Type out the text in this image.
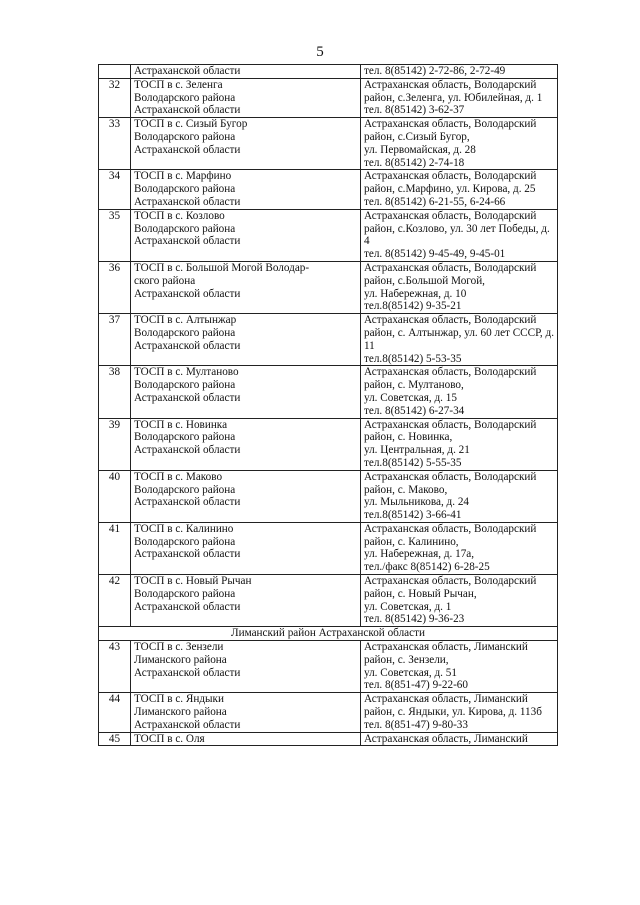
5
	Астраханской области	тел. 8(85142) 2-72-86, 2-72-49
32	ТОСП в с. Зеленга
Володарского района
Астраханской области	Астраханская область, Володарский район, с.Зеленга, ул. Юбилейная, д. 1
тел. 8(85142) 3-62-37
33	ТОСП в с. Сизый Бугор
Володарского района
Астраханской области	Астраханская область, Володарский район, с.Сизый Бугор,
ул. Первомайская, д. 28
тел. 8(85142) 2-74-18
34	ТОСП в с. Марфино
Володарского района
Астраханской области	Астраханская область, Володарский район, с.Марфино, ул. Кирова, д. 25
тел. 8(85142) 6-21-55, 6-24-66
35	ТОСП в с. Козлово
Володарского района
Астраханской области	Астраханская область, Володарский район, с.Козлово, ул. 30 лет Победы, д. 4
тел. 8(85142) 9-45-49, 9-45-01
36	ТОСП в с. Большой Могой Володар-
ского района
Астраханской области	Астраханская область, Володарский район, с.Большой Могой,
ул. Набережная, д. 10
тел.8(85142) 9-35-21
37	ТОСП в с. Алтынжар
Володарского района
Астраханской области	Астраханская область, Володарский район, с. Алтынжар, ул. 60 лет СССР, д. 11
тел.8(85142) 5-53-35
38	ТОСП в с. Мултаново
Володарского района
Астраханской области	Астраханская область, Володарский район, с. Мултаново,
ул. Советская, д. 15
тел. 8(85142) 6-27-34
39	ТОСП в с. Новинка
Володарского района
Астраханской области	Астраханская область, Володарский район, с. Новинка,
ул. Центральная, д. 21
тел.8(85142) 5-55-35
40	ТОСП в с. Маково
Володарского района
Астраханской области	Астраханская область, Володарский район, с. Маково,
ул. Мыльникова, д. 24
тел.8(85142) 3-66-41
41	ТОСП в с. Калинино
Володарского района
Астраханской области	Астраханская область, Володарский район, с. Калинино,
ул. Набережная, д. 17а,
тел./факс 8(85142) 6-28-25
42	ТОСП в с. Новый Рычан
Володарского района
Астраханской области	Астраханская область, Володарский район, с. Новый Рычан,
ул. Советская, д. 1
тел. 8(85142) 9-36-23
Лиманский район Астраханской области		
43	ТОСП в с. Зензели
Лиманского района
Астраханской области	Астраханская область, Лиманский район, с. Зензели,
ул. Советская, д. 51
тел. 8(851-47) 9-22-60
44	ТОСП в с. Яндыки
Лиманского района
Астраханской области	Астраханская область, Лиманский район, с. Яндыки, ул. Кирова, д. 113б
тел. 8(851-47) 9-80-33
45	ТОСП в с. Оля	Астраханская область, Лиманский
